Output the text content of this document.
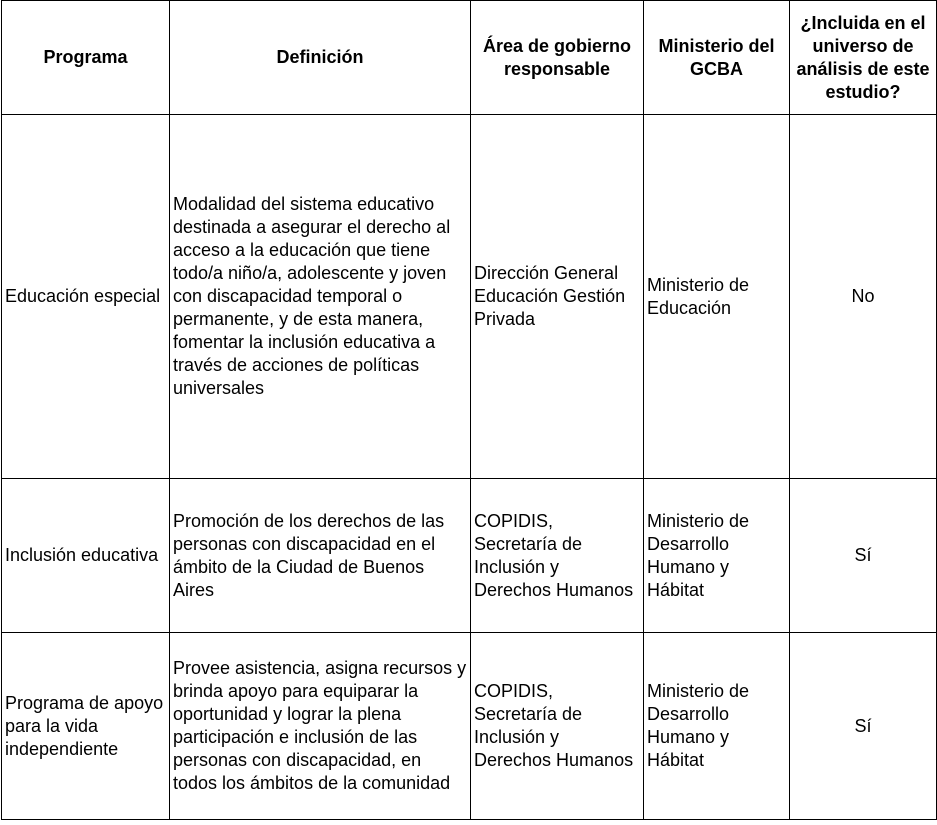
Programa	Definición	Área de gobierno responsable	Ministerio del GCBA	¿Incluida en el universo de análisis de este estudio?
Educación especial	Modalidad del sistema educativo destinada a asegurar el derecho al acceso a la educación que tiene todo/a niño/a, adolescente y joven con discapacidad temporal o permanente, y de esta manera, fomentar la inclusión educativa a través de acciones de políticas universales	Dirección General Educación Gestión Privada	Ministerio de Educación	No
Inclusión educativa	Promoción de los derechos de las personas con discapacidad en el ámbito de la Ciudad de Buenos Aires	COPIDIS, Secretaría de Inclusión y Derechos Humanos	Ministerio de Desarrollo Humano y Hábitat	Sí
Programa de apoyo para la vida independiente	Provee asistencia, asigna recursos y brinda apoyo para equiparar la oportunidad y lograr la plena participación e inclusión de las personas con discapacidad, en todos los ámbitos de la comunidad	COPIDIS, Secretaría de Inclusión y Derechos Humanos	Ministerio de Desarrollo Humano y Hábitat	Sí
